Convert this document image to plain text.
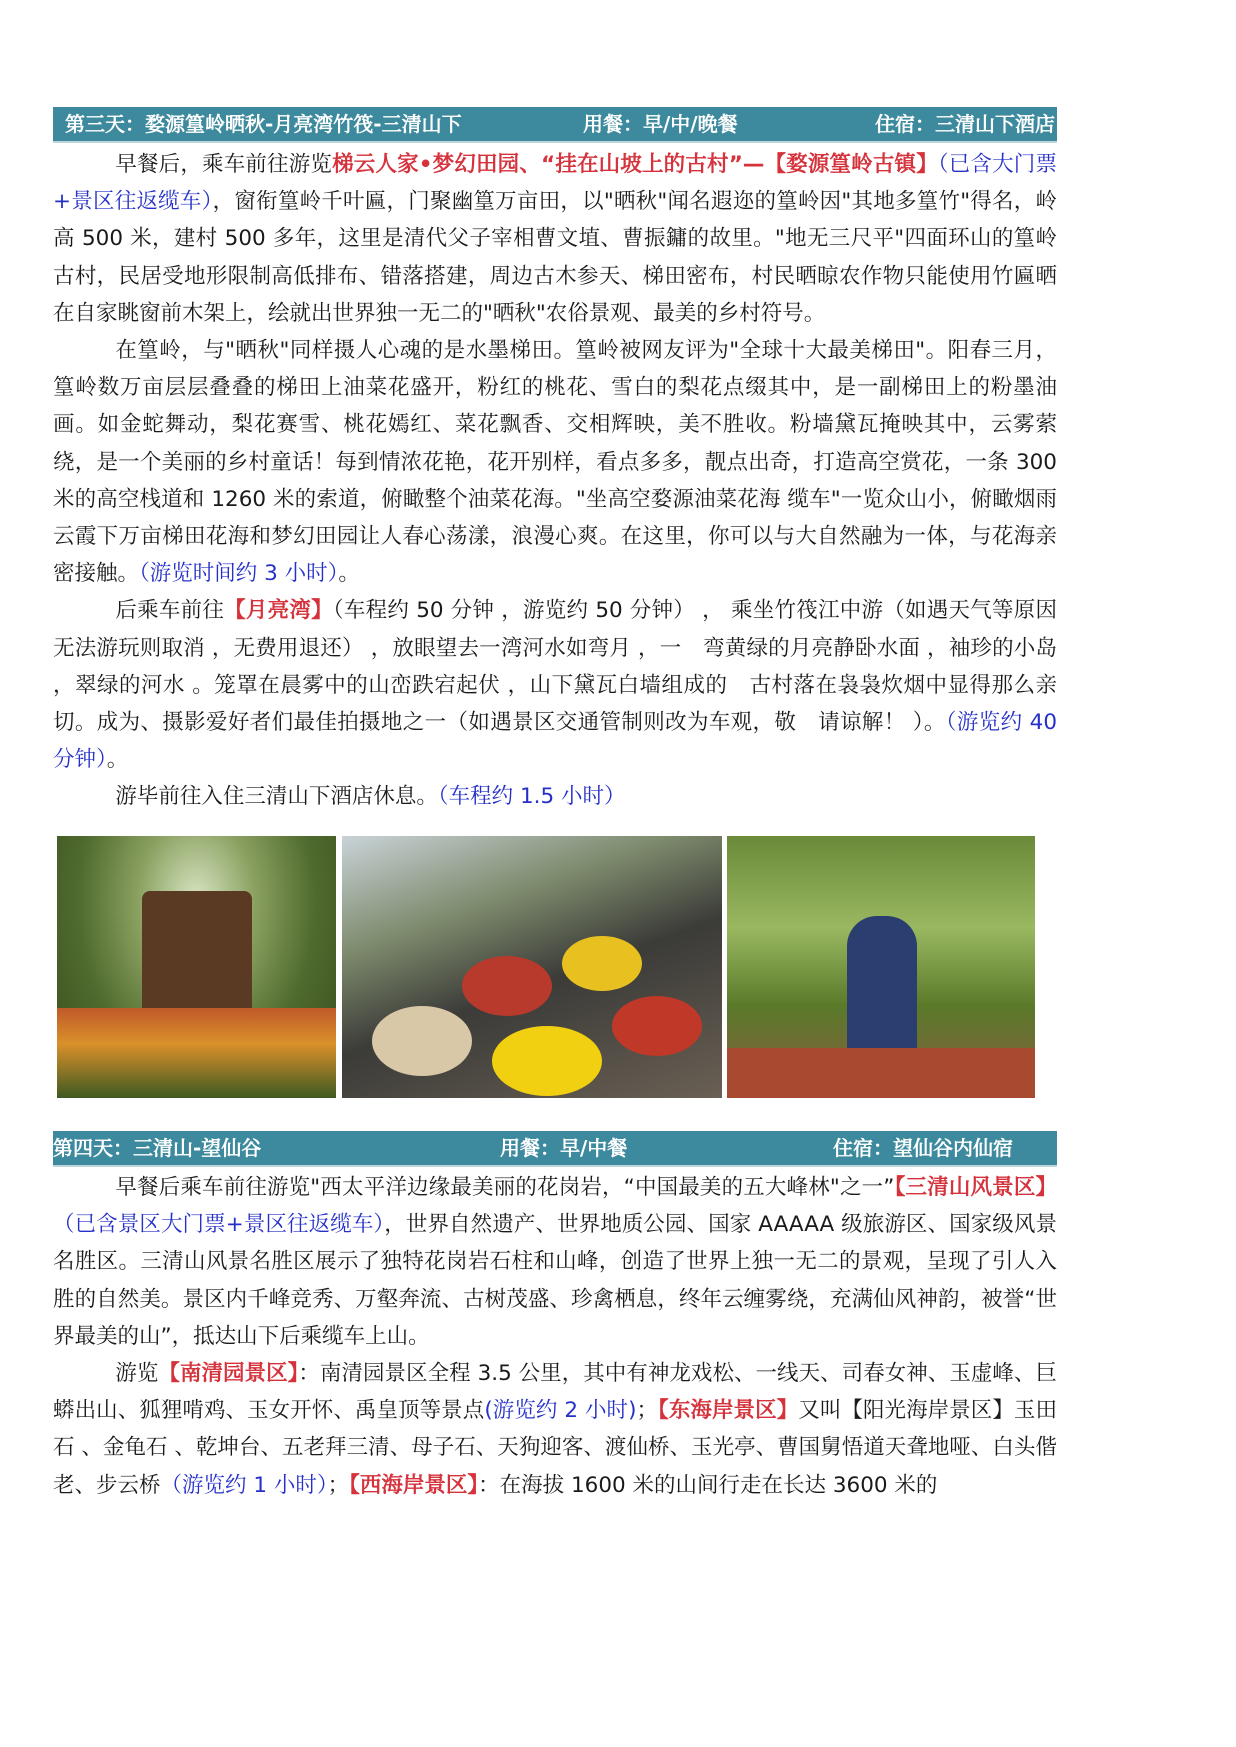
第三天：婺源篁岭晒秋-月亮湾竹筏-三清山下	用餐：早/中/晚餐	住宿：三清山下酒店

早餐后，乘车前往游览梯云人家•梦幻田园、“挂在山坡上的古村”—【婺源篁岭古镇】（已含大门票+景区往返缆车），窗衔篁岭千叶匾，门聚幽篁万亩田，以"晒秋"闻名遐迩的篁岭因"其地多篁竹"得名，岭高 500 米，建村 500 多年，这里是清代父子宰相曹文埴、曹振鏞的故里。"地无三尺平"四面环山的篁岭古村，民居受地形限制高低排布、错落搭建，周边古木参天、梯田密布，村民晒晾农作物只能使用竹匾晒在自家眺窗前木架上，绘就出世界独一无二的"晒秋"农俗景观、最美的乡村符号。

在篁岭，与"晒秋"同样摄人心魂的是水墨梯田。篁岭被网友评为"全球十大最美梯田"。阳春三月，篁岭数万亩层层叠叠的梯田上油菜花盛开，粉红的桃花、雪白的梨花点缀其中，是一副梯田上的粉墨油画。如金蛇舞动，梨花赛雪、桃花嫣红、菜花飘香、交相辉映，美不胜收。粉墙黛瓦掩映其中，云雾萦绕，是一个美丽的乡村童话！每到情浓花艳，花开别样，看点多多，靓点出奇，打造高空赏花，一条 300 米的高空栈道和 1260 米的索道，俯瞰整个油菜花海。"坐高空婺源油菜花海 缆车"一览众山小，俯瞰烟雨云霞下万亩梯田花海和梦幻田园让人春心荡漾，浪漫心爽。在这里，你可以与大自然融为一体，与花海亲密接触。（游览时间约 3 小时）。

后乘车前往【月亮湾】（车程约 50 分钟 ，游览约 50 分钟） ， 乘坐竹筏江中游（如遇天气等原因无法游玩则取消 ，无费用退还） ，放眼望去一湾河水如弯月 ，一　弯黄绿的月亮静卧水面 ，袖珍的小岛 ，翠绿的河水 。笼罩在晨雾中的山峦跌宕起伏 ，山下黛瓦白墙组成的　古村落在袅袅炊烟中显得那么亲切。成为、摄影爱好者们最佳拍摄地之一（如遇景区交通管制则改为车观，敬　请谅解！ ）。（游览约 40 分钟）。

游毕前往入住三清山下酒店休息。（车程约 1.5 小时）

第四天：三清山-望仙谷	用餐：早/中餐	住宿：望仙谷内仙宿

早餐后乘车前往游览"西太平洋边缘最美丽的花岗岩，“中国最美的五大峰林"之一”【三清山风景区】（已含景区大门票+景区往返缆车），世界自然遗产、世界地质公园、国家 AAAAA 级旅游区、国家级风景名胜区。三清山风景名胜区展示了独特花岗岩石柱和山峰，创造了世界上独一无二的景观，呈现了引人入胜的自然美。景区内千峰竞秀、万壑奔流、古树茂盛、珍禽栖息，终年云缠雾绕，充满仙风神韵，被誉“世界最美的山”，抵达山下后乘缆车上山。

游览【南清园景区】：南清园景区全程 3.5 公里，其中有神龙戏松、一线天、司春女神、玉虚峰、巨蟒出山、狐狸啃鸡、玉女开怀、禹皇顶等景点(游览约 2 小时)；【东海岸景区】又叫【阳光海岸景区】玉田石 、金龟石 、乾坤台、五老拜三清、母子石、天狗迎客、渡仙桥、玉光亭、曹国舅悟道天聋地哑、白头偕老、步云桥（游览约 1 小时）；【西海岸景区】：在海拔 1600 米的山间行走在长达 3600 米的
